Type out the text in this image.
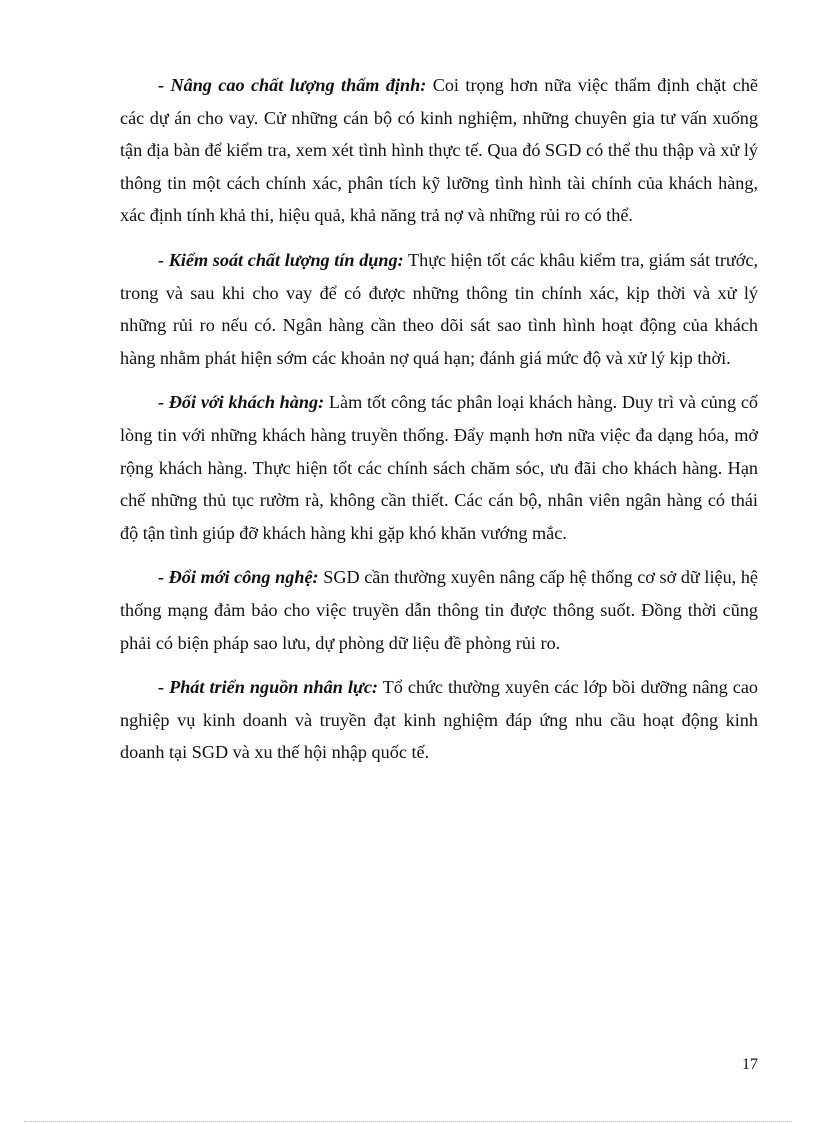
- Nâng cao chất lượng thẩm định: Coi trọng hơn nữa việc thẩm định chặt chẽ các dự án cho vay. Cử những cán bộ có kinh nghiệm, những chuyên gia tư vấn xuống tận địa bàn để kiểm tra, xem xét tình hình thực tế. Qua đó SGD có thể thu thập và xử lý thông tin một cách chính xác, phân tích kỹ lưỡng tình hình tài chính của khách hàng, xác định tính khả thi, hiệu quả, khả năng trả nợ và những rủi ro có thể.

- Kiểm soát chất lượng tín dụng: Thực hiện tốt các khâu kiểm tra, giám sát trước, trong và sau khi cho vay để có được những thông tin chính xác, kịp thời và xử lý những rủi ro nếu có. Ngân hàng cần theo dõi sát sao tình hình hoạt động của khách hàng nhằm phát hiện sớm các khoản nợ quá hạn; đánh giá mức độ và xử lý kịp thời.

- Đối với khách hàng: Làm tốt công tác phân loại khách hàng. Duy trì và củng cố lòng tin với những khách hàng truyền thống. Đẩy mạnh hơn nữa việc đa dạng hóa, mở rộng khách hàng. Thực hiện tốt các chính sách chăm sóc, ưu đãi cho khách hàng. Hạn chế những thủ tục rườm rà, không cần thiết. Các cán bộ, nhân viên ngân hàng có thái độ tận tình giúp đỡ khách hàng khi gặp khó khăn vướng mắc.

- Đổi mới công nghệ: SGD cần thường xuyên nâng cấp hệ thống cơ sở dữ liệu, hệ thống mạng đảm bảo cho việc truyền dẫn thông tin được thông suốt. Đồng thời cũng phải có biện pháp sao lưu, dự phòng dữ liệu đề phòng rủi ro.

- Phát triển nguồn nhân lực: Tổ chức thường xuyên các lớp bồi dưỡng nâng cao nghiệp vụ kinh doanh và truyền đạt kinh nghiệm đáp ứng nhu cầu hoạt động kinh doanh tại SGD và xu thế hội nhập quốc tế.

17
